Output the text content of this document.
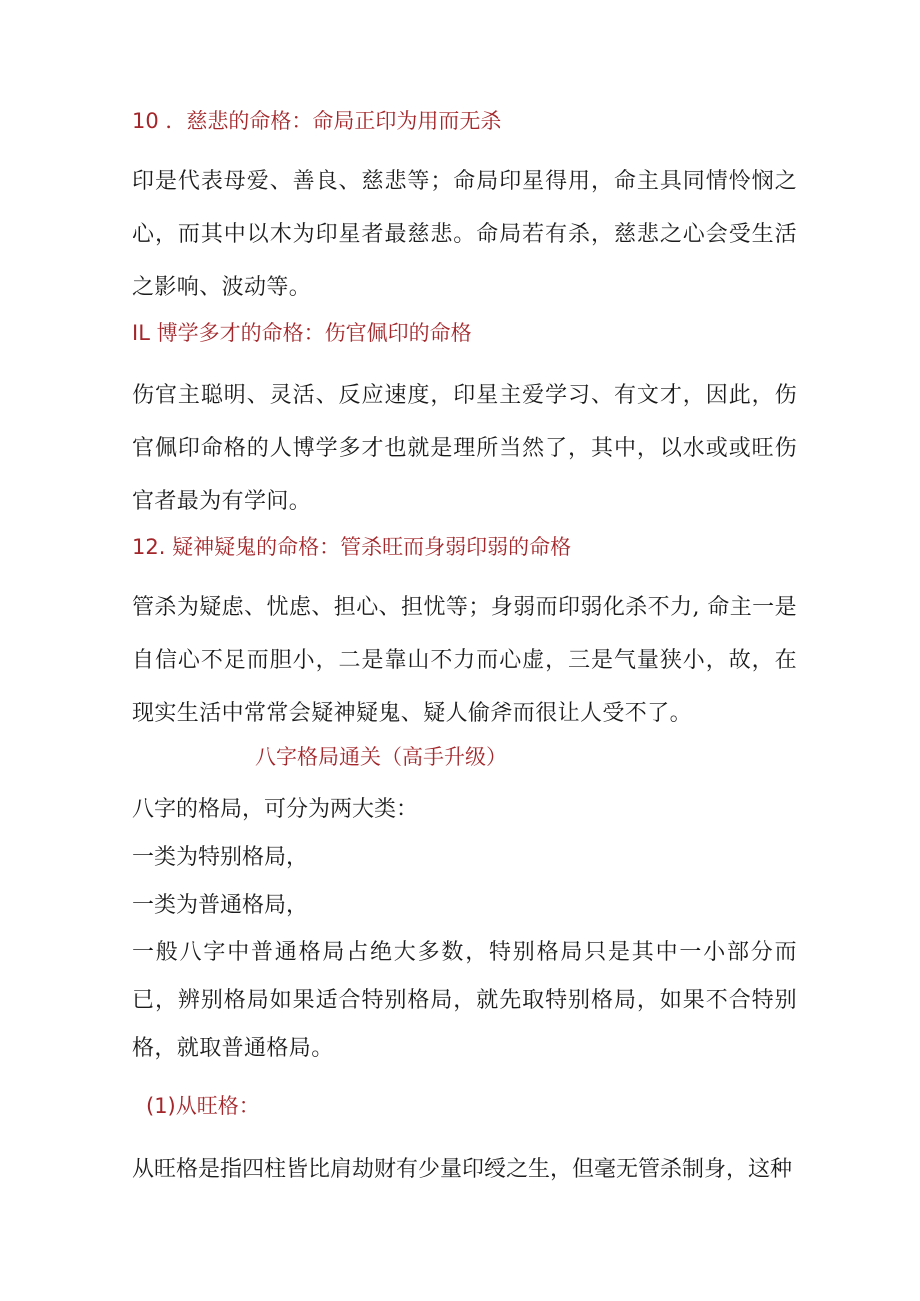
10 ．慈悲的命格：命局正印为用而无杀
印是代表母爱、善良、慈悲等；命局印星得用，命主具同情怜悯之心，而其中以木为印星者最慈悲。命局若有杀，慈悲之心会受生活之影响、波动等。
IL 博学多才的命格：伤官佩印的命格
伤官主聪明、灵活、反应速度，印星主爱学习、有文才，因此，伤官佩印命格的人博学多才也就是理所当然了，其中，以水或或旺伤官者最为有学问。
12. 疑神疑鬼的命格：管杀旺而身弱印弱的命格
管杀为疑虑、忧虑、担心、担忧等；身弱而印弱化杀不力, 命主一是自信心不足而胆小，二是靠山不力而心虚，三是气量狭小，故，在现实生活中常常会疑神疑鬼、疑人偷斧而很让人受不了。
八字格局通关（高手升级）
八字的格局，可分为两大类：
一类为特别格局，
一类为普通格局，
一般八字中普通格局占绝大多数，特别格局只是其中一小部分而已，辨别格局如果适合特别格局，就先取特别格局，如果不合特别格，就取普通格局。
(1)从旺格：
从旺格是指四柱皆比肩劫财有少量印绶之生，但毫无管杀制身，这种
